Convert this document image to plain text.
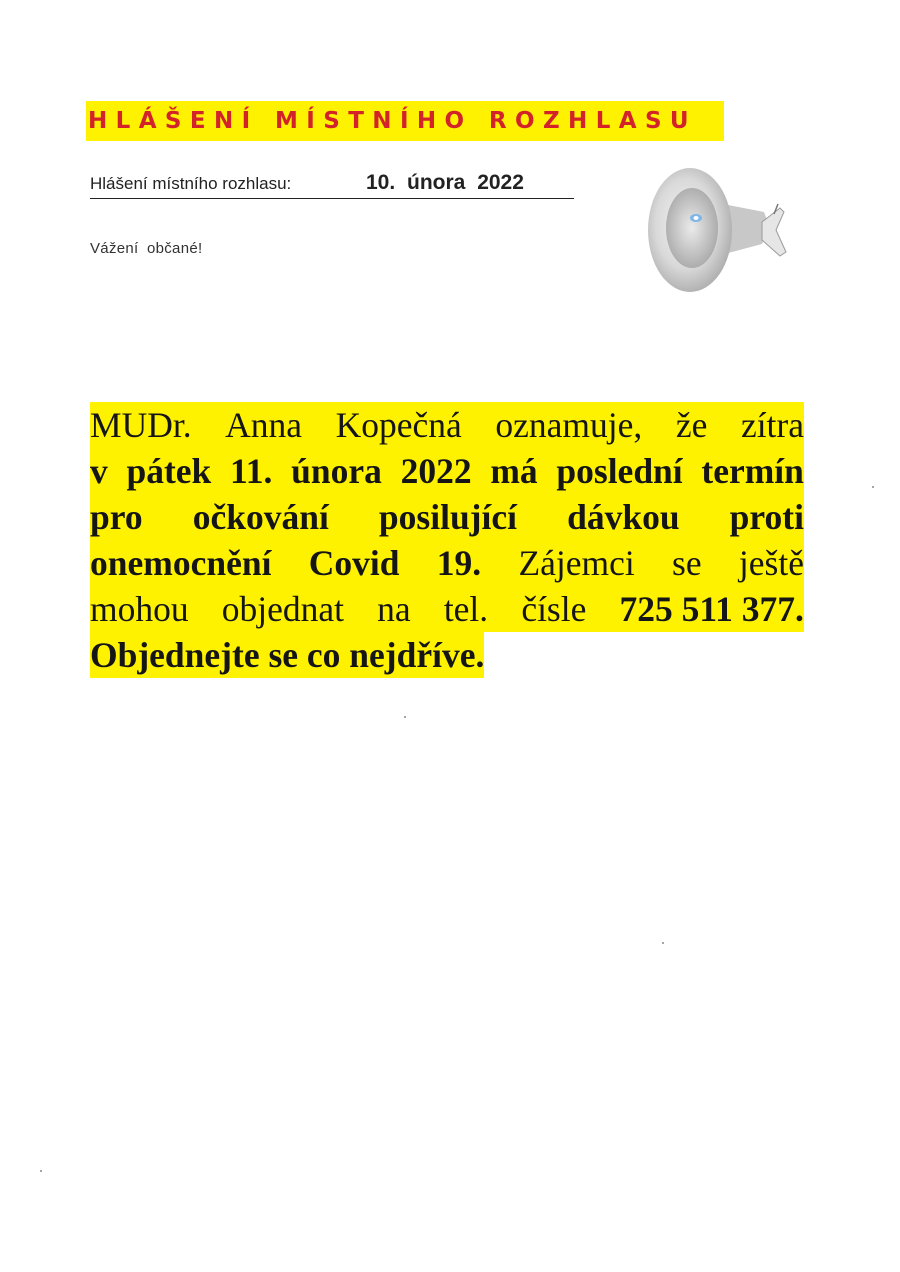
HLÁŠENÍ MÍSTNÍHO ROZHLASU
Hlášení místního rozhlasu:	10. února 2022
Vážení občané!
MUDr. Anna Kopečná oznamuje, že zítra
v pátek 11. února 2022 má poslední termín
pro očkování posilující dávkou proti
onemocnění Covid 19. Zájemci se ještě
mohou objednat na tel. čísle 725 511 377.
Objednejte se co nejdříve.
